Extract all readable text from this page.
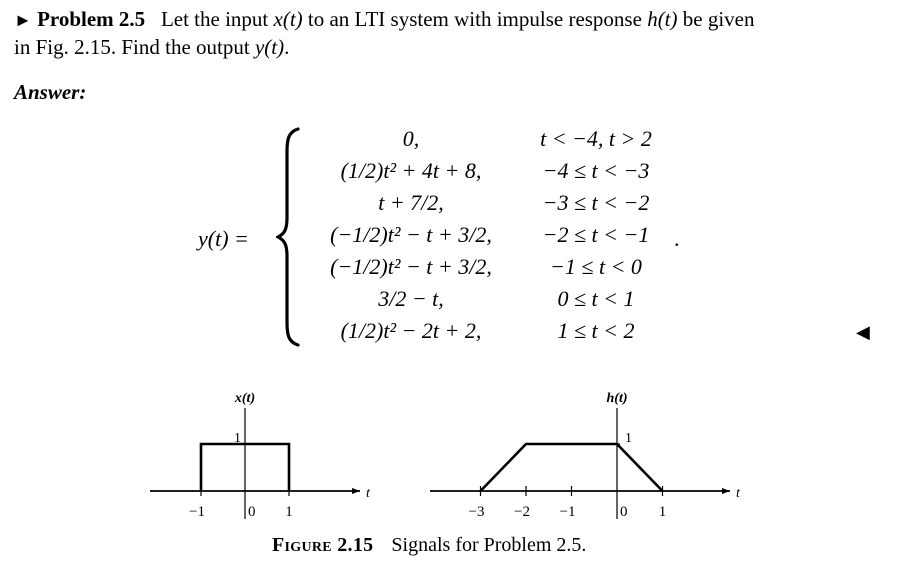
► Problem 2.5 Let the input x(t) to an LTI system with impulse response h(t) be given
in Fig. 2.15. Find the output y(t).
Answer:
y(t) =
0,	t < −4, t > 2
(1/2)t² + 4t + 8,	−4 ≤ t < −3
t + 7/2,	−3 ≤ t < −2
(−1/2)t² − t + 3/2,	−2 ≤ t < −1
(−1/2)t² − t + 3/2,	−1 ≤ t < 0
3/2 − t,	0 ≤ t < 1
(1/2)t² − 2t + 2,	1 ≤ t < 2
.
◀
t
x(t)
−1	0 1
1
t
h(t)
−3 −2 −1	0 1
1
Figure 2.15 Signals for Problem 2.5.
